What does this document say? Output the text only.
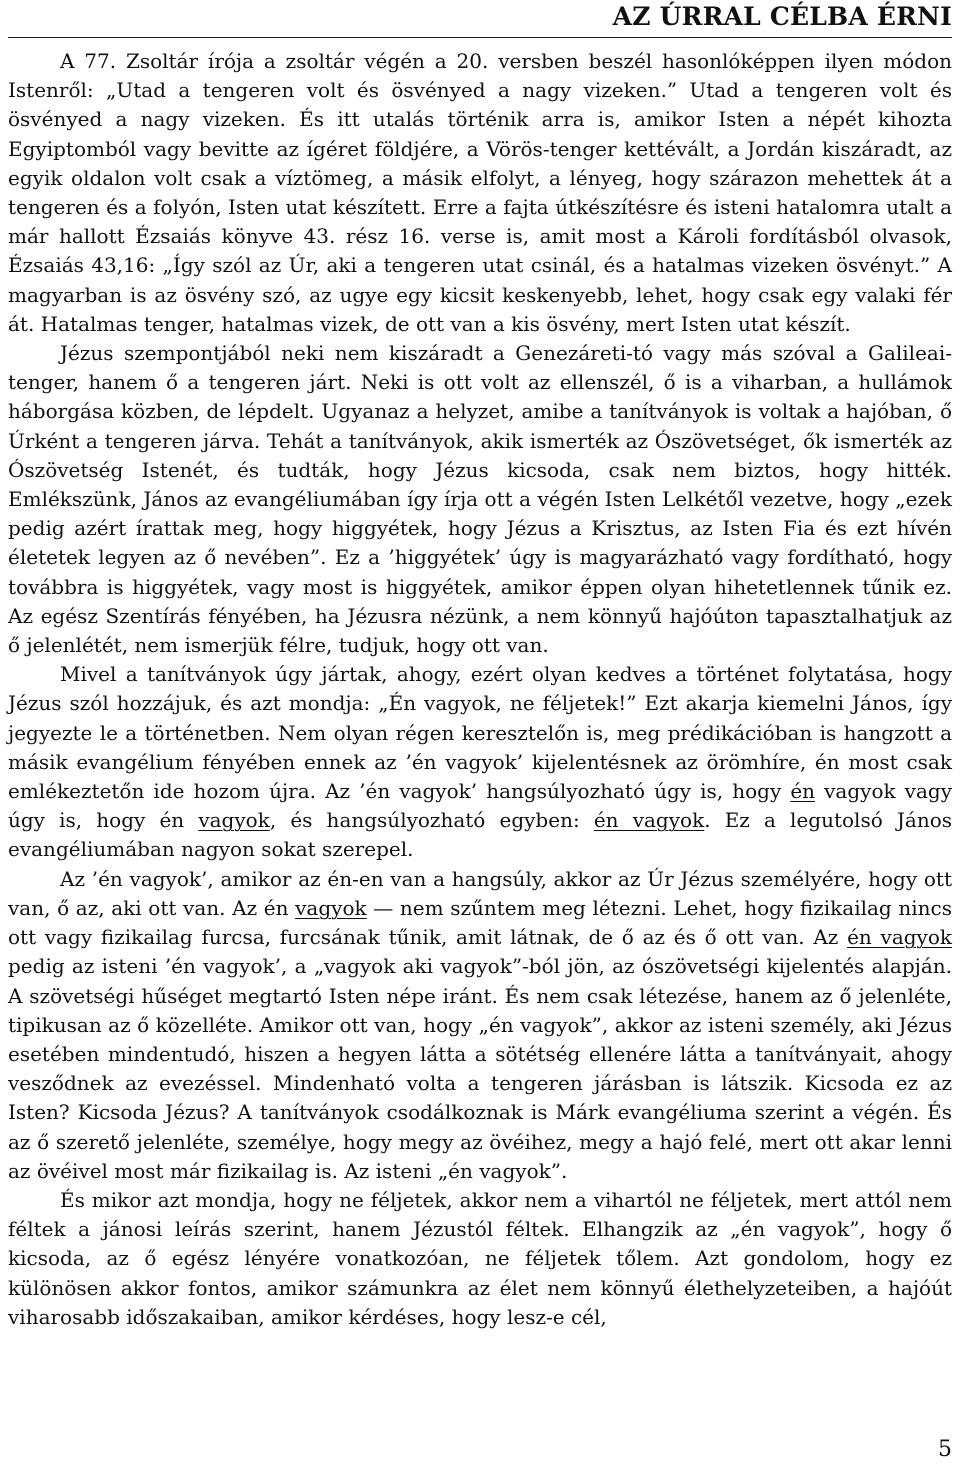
AZ ÚRRAL CÉLBA ÉRNI

A 77. Zsoltár írója a zsoltár végén a 20. versben beszél hasonlóképpen ilyen módon Istenről: „Utad a tengeren volt és ösvényed a nagy vizeken.” Utad a tengeren volt és ösvényed a nagy vizeken. És itt utalás történik arra is, amikor Isten a népét kihozta Egyiptomból vagy bevitte az ígéret földjére, a Vörös-tenger kettévált, a Jordán kiszáradt, az egyik oldalon volt csak a víztömeg, a másik elfolyt, a lényeg, hogy szárazon mehettek át a tengeren és a folyón, Isten utat készített. Erre a fajta útkészítésre és isteni hatalomra utalt a már hallott Ézsaiás könyve 43. rész 16. verse is, amit most a Károli fordításból olvasok, Ézsaiás 43,16: „Így szól az Úr, aki a tengeren utat csinál, és a hatalmas vizeken ösvényt.” A magyarban is az ösvény szó, az ugye egy kicsit keskenyebb, lehet, hogy csak egy valaki fér át. Hatalmas tenger, hatalmas vizek, de ott van a kis ösvény, mert Isten utat készít.

Jézus szempontjából neki nem kiszáradt a Genezáreti-tó vagy más szóval a Galileai-tenger, hanem ő a tengeren járt. Neki is ott volt az ellenszél, ő is a viharban, a hullámok háborgása közben, de lépdelt. Ugyanaz a helyzet, amibe a tanítványok is voltak a hajóban, ő Úrként a tengeren járva. Tehát a tanítványok, akik ismerték az Ószövetséget, ők ismerték az Ószövetség Istenét, és tudták, hogy Jézus kicsoda, csak nem biztos, hogy hitték. Emlékszünk, János az evangéliumában így írja ott a végén Isten Lelkétől vezetve, hogy „ezek pedig azért írattak meg, hogy higgyétek, hogy Jézus a Krisztus, az Isten Fia és ezt hívén életetek legyen az ő nevében”. Ez a ’higgyétek’ úgy is magyarázható vagy fordítható, hogy továbbra is higgyétek, vagy most is higgyétek, amikor éppen olyan hihetetlennek tűnik ez. Az egész Szentírás fényében, ha Jézusra nézünk, a nem könnyű hajóúton tapasztalhatjuk az ő jelenlétét, nem ismerjük félre, tudjuk, hogy ott van.

Mivel a tanítványok úgy jártak, ahogy, ezért olyan kedves a történet folytatása, hogy Jézus szól hozzájuk, és azt mondja: „Én vagyok, ne féljetek!” Ezt akarja kiemelni János, így jegyezte le a történetben. Nem olyan régen keresztelőn is, meg prédikációban is hangzott a másik evangélium fényében ennek az ’én vagyok’ kijelentésnek az örömhíre, én most csak emlékeztetőn ide hozom újra. Az ’én vagyok’ hangsúlyozható úgy is, hogy én vagyok vagy úgy is, hogy én vagyok, és hangsúlyozható egyben: én vagyok. Ez a legutolsó János evangéliumában nagyon sokat szerepel.

Az ’én vagyok’, amikor az én-en van a hangsúly, akkor az Úr Jézus személyére, hogy ott van, ő az, aki ott van. Az én vagyok — nem szűntem meg létezni. Lehet, hogy fizikailag nincs ott vagy fizikailag furcsa, furcsának tűnik, amit látnak, de ő az és ő ott van. Az én vagyok pedig az isteni ’én vagyok’, a „vagyok aki vagyok”-ból jön, az ószövetségi kijelentés alapján. A szövetségi hűséget megtartó Isten népe iránt. És nem csak létezése, hanem az ő jelenléte, tipikusan az ő közelléte. Amikor ott van, hogy „én vagyok”, akkor az isteni személy, aki Jézus esetében mindentudó, hiszen a hegyen látta a sötétség ellenére látta a tanítványait, ahogy vesződnek az evezéssel. Mindenható volta a tengeren járásban is látszik. Kicsoda ez az Isten? Kicsoda Jézus? A tanítványok csodálkoznak is Márk evangéliuma szerint a végén. És az ő szerető jelenléte, személye, hogy megy az övéihez, megy a hajó felé, mert ott akar lenni az övéivel most már fizikailag is. Az isteni „én vagyok”.

És mikor azt mondja, hogy ne féljetek, akkor nem a vihartól ne féljetek, mert attól nem féltek a jánosi leírás szerint, hanem Jézustól féltek. Elhangzik az „én vagyok”, hogy ő kicsoda, az ő egész lényére vonatkozóan, ne féljetek tőlem. Azt gondolom, hogy ez különösen akkor fontos, amikor számunkra az élet nem könnyű élethelyzeteiben, a hajóút viharosabb időszakaiban, amikor kérdéses, hogy lesz-e cél,

5
